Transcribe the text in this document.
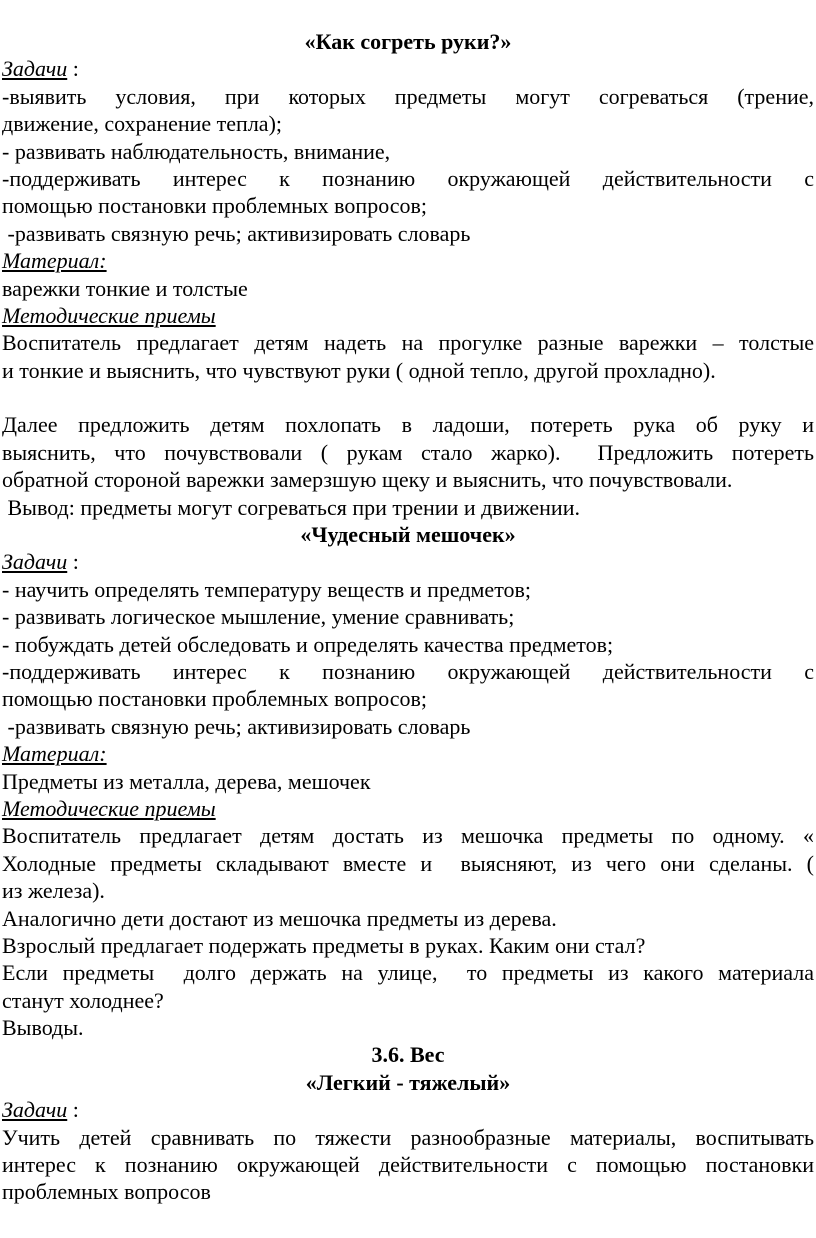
«Как согреть руки?»
Задачи :
-выявить условия, при которых предметы могут согреваться (трение,
движение, сохранение тепла);
- развивать наблюдательность, внимание,
-поддерживать интерес к познанию окружающей действительности с
помощью постановки проблемных вопросов;
-развивать связную речь; активизировать словарь
Материал:
варежки тонкие и толстые
Методические приемы
Воспитатель предлагает детям надеть на прогулке разные варежки – толстые
и тонкие и выяснить, что чувствуют руки ( одной тепло, другой прохладно).
Далее предложить детям похлопать в ладоши, потереть рука об руку и
выяснить, что почувствовали ( рукам стало жарко).  Предложить потереть
обратной стороной варежки замерзшую щеку и выяснить, что почувствовали.
Вывод: предметы могут согреваться при трении и движении.
«Чудесный мешочек»
Задачи :
- научить определять температуру веществ и предметов;
- развивать логическое мышление, умение сравнивать;
- побуждать детей обследовать и определять качества предметов;
-поддерживать интерес к познанию окружающей действительности с
помощью постановки проблемных вопросов;
-развивать связную речь; активизировать словарь
Материал:
Предметы из металла, дерева, мешочек
Методические приемы
Воспитатель предлагает детям достать из мешочка предметы по одному. «
Холодные предметы складывают вместе и  выясняют, из чего они сделаны. (
из железа).
Аналогично дети достают из мешочка предметы из дерева.
Взрослый предлагает подержать предметы в руках. Каким они стал?
Если предметы  долго держать на улице,  то предметы из какого материала
станут холоднее?
Выводы.
3.6. Вес
«Легкий - тяжелый»
Задачи :
Учить детей сравнивать по тяжести разнообразные материалы, воспитывать
интерес к познанию окружающей действительности с помощью постановки
проблемных вопросов
